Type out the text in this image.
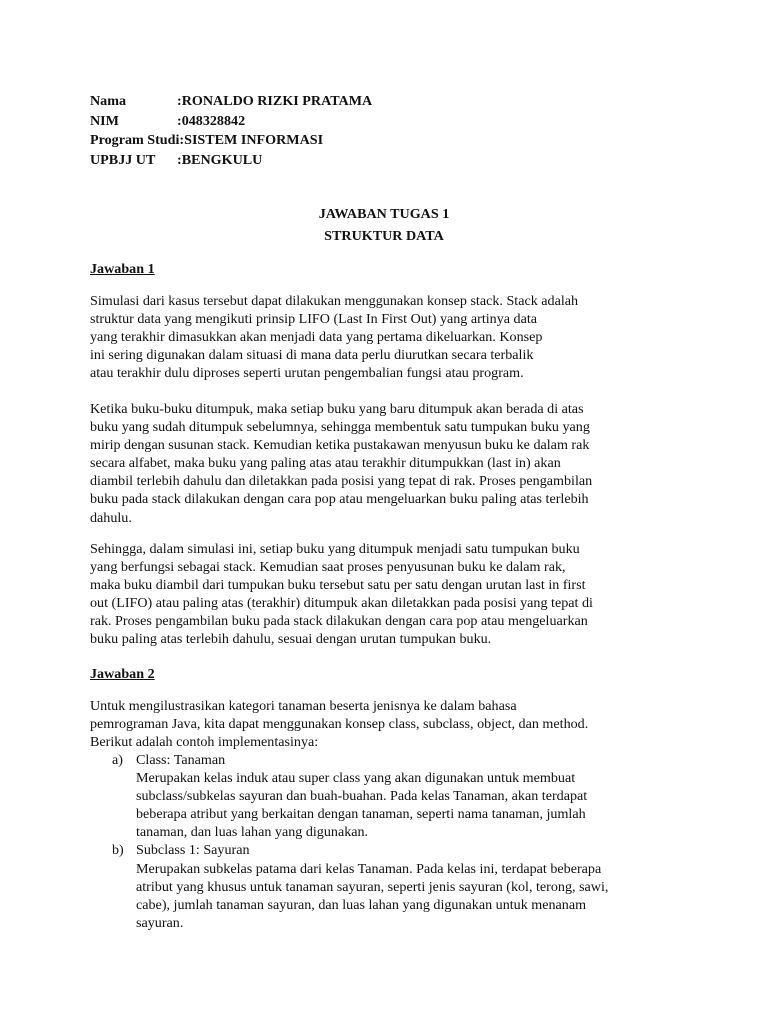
Nama	:RONALDO RIZKI PRATAMA
NIM	:048328842
Program Studi :SISTEM INFORMASI
UPBJJ UT	:BENGKULU
JAWABAN TUGAS 1
STRUKTUR DATA
Jawaban 1

Simulasi dari kasus tersebut dapat dilakukan menggunakan konsep stack. Stack adalah
struktur data yang mengikuti prinsip LIFO (Last In First Out) yang artinya data
yang terakhir dimasukkan akan menjadi data yang pertama dikeluarkan. Konsep
ini sering digunakan dalam situasi di mana data perlu diurutkan secara terbalik
atau terakhir dulu diproses seperti urutan pengembalian fungsi atau program.

Ketika buku-buku ditumpuk, maka setiap buku yang baru ditumpuk akan berada di atas
buku yang sudah ditumpuk sebelumnya, sehingga membentuk satu tumpukan buku yang
mirip dengan susunan stack. Kemudian ketika pustakawan menyusun buku ke dalam rak
secara alfabet, maka buku yang paling atas atau terakhir ditumpukkan (last in) akan
diambil terlebih dahulu dan diletakkan pada posisi yang tepat di rak. Proses pengambilan
buku pada stack dilakukan dengan cara pop atau mengeluarkan buku paling atas terlebih
dahulu.

Sehingga, dalam simulasi ini, setiap buku yang ditumpuk menjadi satu tumpukan buku
yang berfungsi sebagai stack. Kemudian saat proses penyusunan buku ke dalam rak,
maka buku diambil dari tumpukan buku tersebut satu per satu dengan urutan last in first
out (LIFO) atau paling atas (terakhir) ditumpuk akan diletakkan pada posisi yang tepat di
rak. Proses pengambilan buku pada stack dilakukan dengan cara pop atau mengeluarkan
buku paling atas terlebih dahulu, sesuai dengan urutan tumpukan buku.

Jawaban 2

Untuk mengilustrasikan kategori tanaman beserta jenisnya ke dalam bahasa
pemrograman Java, kita dapat menggunakan konsep class, subclass, object, dan method.
Berikut adalah contoh implementasinya:

a) Class: Tanaman
Merupakan kelas induk atau super class yang akan digunakan untuk membuat
subclass/subkelas sayuran dan buah-buahan. Pada kelas Tanaman, akan terdapat
beberapa atribut yang berkaitan dengan tanaman, seperti nama tanaman, jumlah
tanaman, dan luas lahan yang digunakan.
b) Subclass 1: Sayuran
Merupakan subkelas patama dari kelas Tanaman. Pada kelas ini, terdapat beberapa
atribut yang khusus untuk tanaman sayuran, seperti jenis sayuran (kol, terong, sawi,
cabe), jumlah tanaman sayuran, dan luas lahan yang digunakan untuk menanam
sayuran.
